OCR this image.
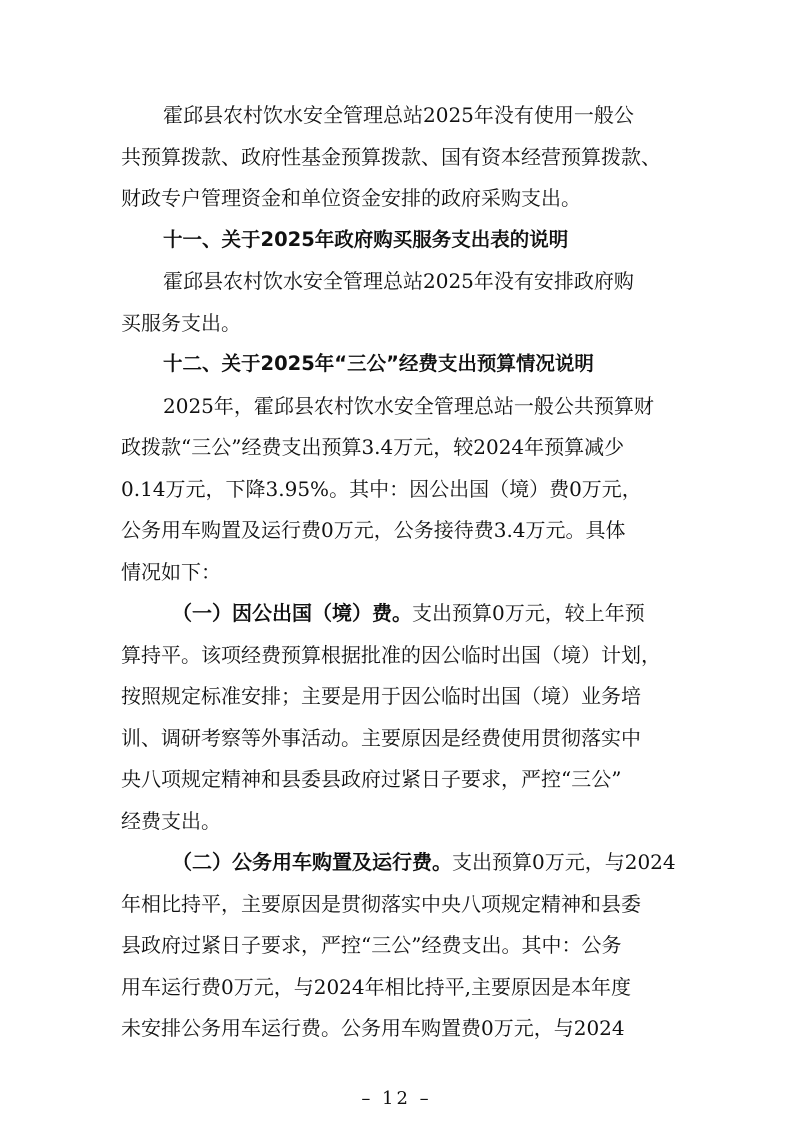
霍邱县农村饮水安全管理总站2025年没有使用一般公
共预算拨款、政府性基金预算拨款、国有资本经营预算拨款、
财政专户管理资金和单位资金安排的政府采购支出。
十一、关于2025年政府购买服务支出表的说明
霍邱县农村饮水安全管理总站2025年没有安排政府购
买服务支出。
十二、关于2025年“三公”经费支出预算情况说明
2025年，霍邱县农村饮水安全管理总站一般公共预算财
政拨款“三公”经费支出预算3.4万元，较2024年预算减少
0.14万元，下降3.95%。其中：因公出国（境）费0万元，
公务用车购置及运行费0万元，公务接待费3.4万元。具体
情况如下：
（一）因公出国（境）费。支出预算0万元，较上年预
算持平。该项经费预算根据批准的因公临时出国（境）计划，
按照规定标准安排；主要是用于因公临时出国（境）业务培
训、调研考察等外事活动。主要原因是经费使用贯彻落实中
央八项规定精神和县委县政府过紧日子要求，严控“三公”
经费支出。
（二）公务用车购置及运行费。支出预算0万元，与2024
年相比持平，主要原因是贯彻落实中央八项规定精神和县委
县政府过紧日子要求，严控“三公”经费支出。其中：公务
用车运行费0万元，与2024年相比持平,主要原因是本年度
未安排公务用车运行费。公务用车购置费0万元，与2024
– 12 –
